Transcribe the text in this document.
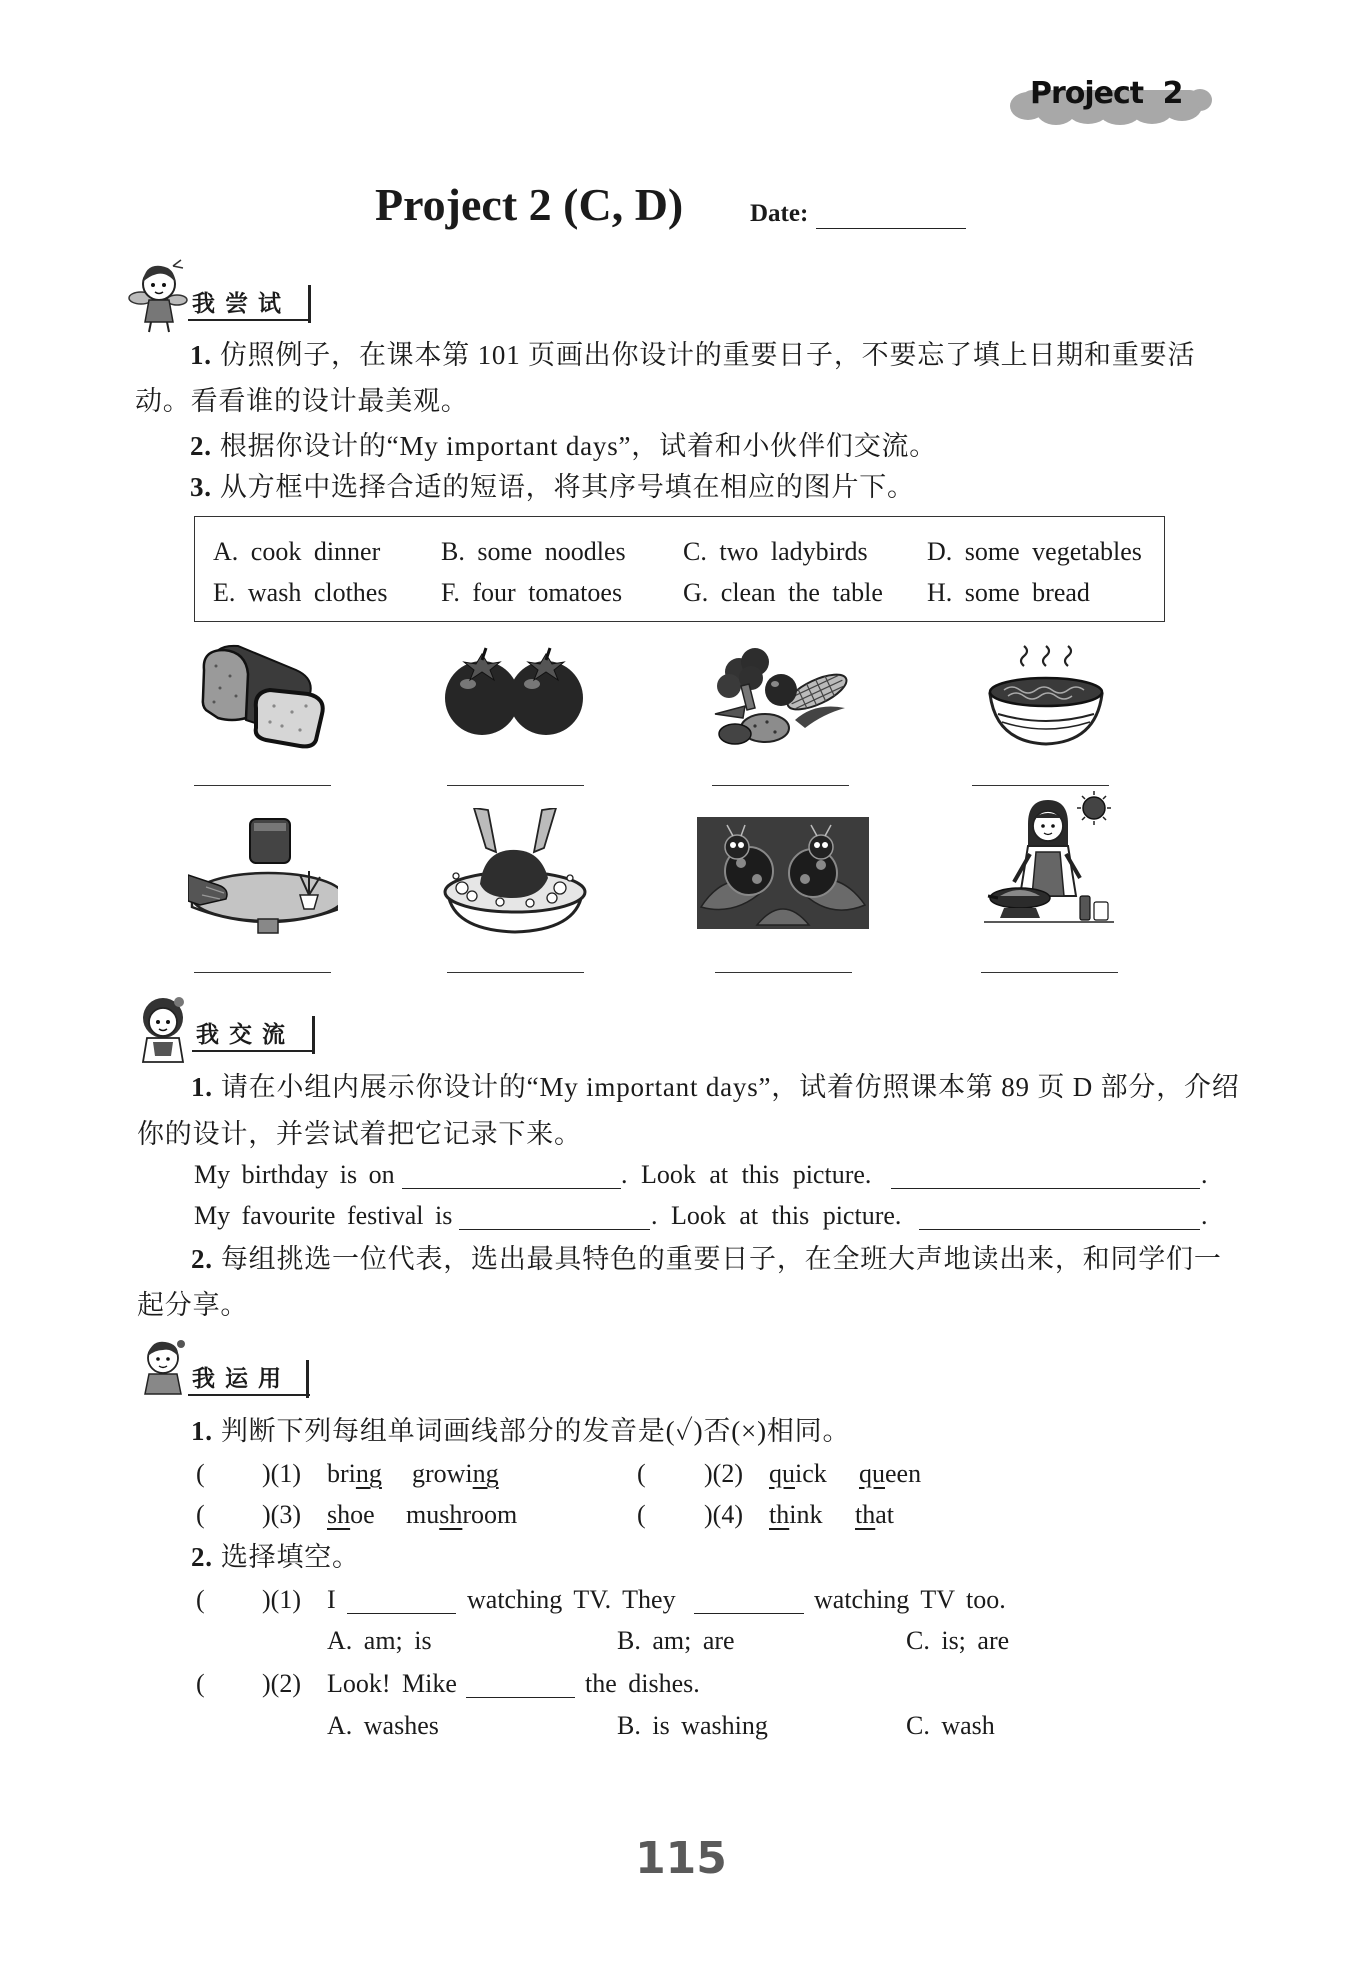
Project 2
Project 2 (C, D)	Date:
我尝试
1. 仿照例子，在课本第 101 页画出你设计的重要日子，不要忘了填上日期和重要活
动。看看谁的设计最美观。
2. 根据你设计的“My important days”，试着和小伙伴们交流。
3. 从方框中选择合适的短语，将其序号填在相应的图片下。
A. cook dinner B. some noodles C. two ladybirds D. some vegetables
E. wash clothes F. four tomatoes G. clean the table H. some bread
我交流
1. 请在小组内展示你设计的“My important days”，试着仿照课本第 89 页 D 部分，介绍
你的设计，并尝试着把它记录下来。
My birthday is on	. Look at this picture.	.
My favourite festival is	. Look at this picture.	.
2. 每组挑选一位代表，选出最具特色的重要日子，在全班大声地读出来，和同学们一
起分享。
我运用
1. 判断下列每组单词画线部分的发音是(✓)否(×)相同。
( )(1) bring growing	( )(2) quick queen
( )(3) shoe mushroom	( )(4) think that
2. 选择填空。
( )(1) I	watching TV. They	watching TV too.
A. am; is	B. am; are	C. is; are
( )(2) Look! Mike	the dishes.
A. washes	B. is washing	C. wash
115
